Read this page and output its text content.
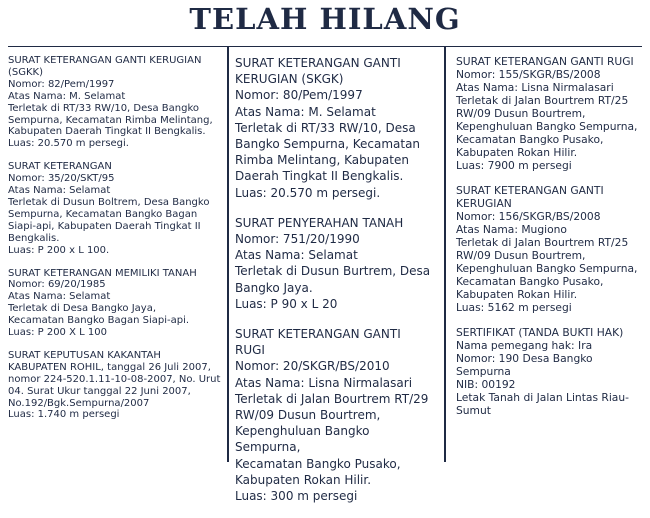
TELAH HILANG

SURAT KETERANGAN GANTI KERUGIAN
(SGKK)

Nomor: 82/Pem/1997

Atas Nama: M. Selamat

Terletak di RT/33 RW/10, Desa Bangko
Sempurna, Kecamatan Rimba Melintang,
Kabupaten Daerah Tingkat II Bengkalis.

Luas: 20.570 m persegi.

SURAT KETERANGAN

Nomor: 35/20/SKT/95

Atas Nama: Selamat

Terletak di Dusun Boltrem, Desa Bangko
Sempurna, Kecamatan Bangko Bagan
Siapi-api, Kabupaten Daerah Tingkat II
Bengkalis.

Luas: P 200 x L 100.

SURAT KETERANGAN MEMILIKI TANAH

Nomor: 69/20/1985

Atas Nama: Selamat

Terletak di Desa Bangko Jaya,
Kecamatan Bangko Bagan Siapi-api.

Luas: P 200 X L 100

SURAT KEPUTUSAN KAKANTAH
KABUPATEN ROHIL, tanggal 26 Juli 2007,
nomor 224-520.1.11-10-08-2007, No. Urut
04. Surat Ukur tanggal 22 Juni 2007,
No.192/Bgk.Sempurna/2007

Luas: 1.740 m persegi

SURAT KETERANGAN GANTI
KERUGIAN (SKGK)

Nomor: 80/Pem/1997

Atas Nama: M. Selamat

Terletak di RT/33 RW/10, Desa
Bangko Sempurna, Kecamatan
Rimba Melintang, Kabupaten
Daerah Tingkat II Bengkalis.

Luas: 20.570 m persegi.

SURAT PENYERAHAN TANAH

Nomor: 751/20/1990

Atas Nama: Selamat

Terletak di Dusun Burtrem, Desa
Bangko Jaya.

Luas: P 90 x L 20

SURAT KETERANGAN GANTI RUGI

Nomor: 20/SKGR/BS/2010

Atas Nama: Lisna Nirmalasari

Terletak di Jalan Bourtrem RT/29
RW/09 Dusun Bourtrem,
Kepenghuluan Bangko Sempurna,
Kecamatan Bangko Pusako,
Kabupaten Rokan Hilir.

Luas: 300 m persegi

SURAT KETERANGAN GANTI RUGI

Nomor: 155/SKGR/BS/2008

Atas Nama: Lisna Nirmalasari

Terletak di Jalan Bourtrem RT/25
RW/09 Dusun Bourtrem,
Kepenghuluan Bangko Sempurna,
Kecamatan Bangko Pusako,
Kabupaten Rokan Hilir.

Luas: 7900 m persegi

SURAT KETERANGAN GANTI
KERUGIAN

Nomor: 156/SKGR/BS/2008

Atas Nama: Mugiono

Terletak di Jalan Bourtrem RT/25
RW/09 Dusun Bourtrem,
Kepenghuluan Bangko Sempurna,
Kecamatan Bangko Pusako,
Kabupaten Rokan Hilir.

Luas: 5162 m persegi

SERTIFIKAT (TANDA BUKTI HAK)

Nama pemegang hak: Ira

Nomor: 190 Desa Bangko
Sempurna

NIB: 00192

Letak Tanah di Jalan Lintas Riau-
Sumut
